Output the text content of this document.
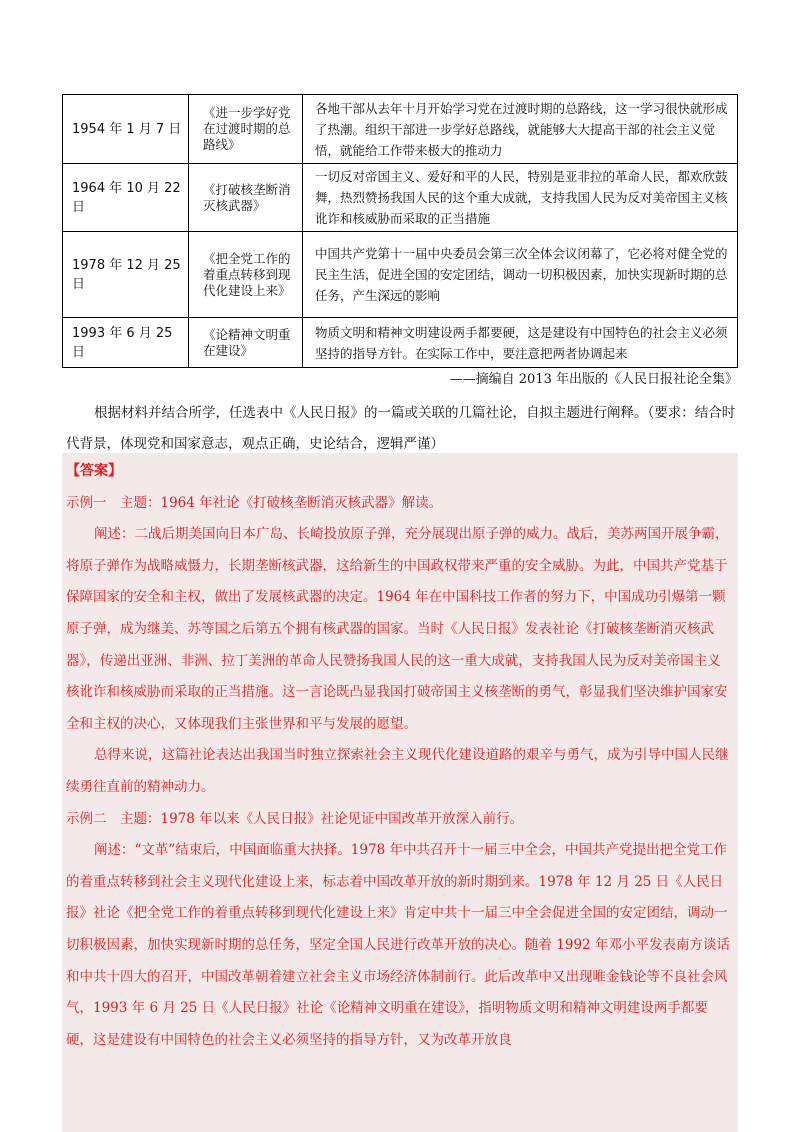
1954 年 1 月 7 日	《进一步学好党在过渡时期的总路线》	各地干部从去年十月开始学习党在过渡时期的总路线，这一学习很快就形成了热潮。组织干部进一步学好总路线，就能够大大提高干部的社会主义觉悟，就能给工作带来极大的推动力
1964 年 10 月 22 日	《打破核垄断消灭核武器》	一切反对帝国主义、爱好和平的人民，特别是亚非拉的革命人民，都欢欣鼓舞，热烈赞扬我国人民的这个重大成就，支持我国人民为反对美帝国主义核讹诈和核威胁而采取的正当措施
1978 年 12 月 25 日	《把全党工作的着重点转移到现代化建设上来》	中国共产党第十一届中央委员会第三次全体会议闭幕了，它必将对健全党的民主生活，促进全国的安定团结，调动一切积极因素，加快实现新时期的总任务，产生深远的影响
1993 年 6 月 25 日	《论精神文明重在建设》	物质文明和精神文明建设两手都要硬，这是建设有中国特色的社会主义必须坚持的指导方针。在实际工作中，要注意把两者协调起来
——摘编自 2013 年出版的《人民日报社论全集》
根据材料并结合所学，任选表中《人民日报》的一篇或关联的几篇社论，自拟主题进行阐释。（要求：结合时代背景，体现党和国家意志，观点正确，史论结合，逻辑严谨）
【答案】
示例一　主题：1964 年社论《打破核垄断消灭核武器》解读。
阐述：二战后期美国向日本广岛、长崎投放原子弹，充分展现出原子弹的威力。战后，美苏两国开展争霸，将原子弹作为战略威慑力，长期垄断核武器，这给新生的中国政权带来严重的安全威胁。为此，中国共产党基于保障国家的安全和主权，做出了发展核武器的决定。1964 年在中国科技工作者的努力下，中国成功引爆第一颗原子弹，成为继美、苏等国之后第五个拥有核武器的国家。当时《人民日报》发表社论《打破核垄断消灭核武器》，传递出亚洲、非洲、拉丁美洲的革命人民赞扬我国人民的这一重大成就，支持我国人民为反对美帝国主义核讹诈和核威胁而采取的正当措施。这一言论既凸显我国打破帝国主义核垄断的勇气，彰显我们坚决维护国家安全和主权的决心，又体现我们主张世界和平与发展的愿望。
总得来说，这篇社论表达出我国当时独立探索社会主义现代化建设道路的艰辛与勇气，成为引导中国人民继续勇往直前的精神动力。
示例二　主题：1978 年以来《人民日报》社论见证中国改革开放深入前行。
阐述：“文革”结束后，中国面临重大抉择。1978 年中共召开十一届三中全会，中国共产党提出把全党工作的着重点转移到社会主义现代化建设上来，标志着中国改革开放的新时期到来。1978 年 12 月 25 日《人民日报》社论《把全党工作的着重点转移到现代化建设上来》肯定中共十一届三中全会促进全国的安定团结，调动一切积极因素，加快实现新时期的总任务，坚定全国人民进行改革开放的决心。随着 1992 年邓小平发表南方谈话和中共十四大的召开，中国改革朝着建立社会主义市场经济体制前行。此后改革中又出现唯金钱论等不良社会风气，1993 年 6 月 25 日《人民日报》社论《论精神文明重在建设》，指明物质文明和精神文明建设两手都要硬，这是建设有中国特色的社会主义必须坚持的指导方针，又为改革开放良
